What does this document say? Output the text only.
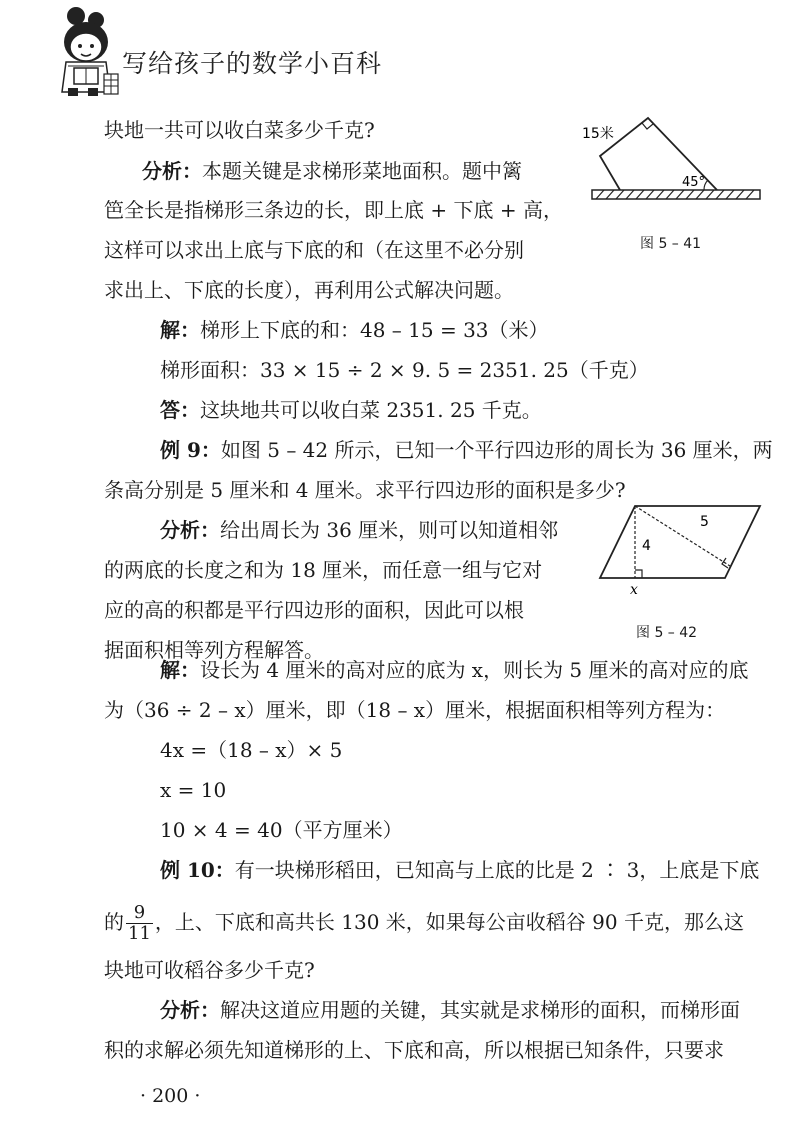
写给孩子的数学小百科
块地一共可以收白菜多少千克?
分析：本题关键是求梯形菜地面积。题中篱
笆全长是指梯形三条边的长，即上底 + 下底 + 高，
这样可以求出上底与下底的和（在这里不必分别
求出上、下底的长度），再利用公式解决问题。
15米
45°
图 5 – 41
解：梯形上下底的和：48 – 15 = 33（米）
梯形面积：33 × 15 ÷ 2 × 9. 5 = 2351. 25（千克）
答：这块地共可以收白菜 2351. 25 千克。
例 9：如图 5 – 42 所示，已知一个平行四边形的周长为 36 厘米，两
条高分别是 5 厘米和 4 厘米。求平行四边形的面积是多少?
分析：给出周长为 36 厘米，则可以知道相邻
的两底的长度之和为 18 厘米，而任意一组与它对
应的高的积都是平行四边形的面积，因此可以根
据面积相等列方程解答。
5
4
x
图 5 – 42
解：设长为 4 厘米的高对应的底为 x，则长为 5 厘米的高对应的底
为（36 ÷ 2 – x）厘米，即（18 – x）厘米，根据面积相等列方程为：
4x =（18 – x）× 5
x = 10
10 × 4 = 40（平方厘米）
例 10：有一块梯形稻田，已知高与上底的比是 2 ∶ 3，上底是下底
的 $\frac{9}{11}$ ，上、下底和高共长 130 米，如果每公亩收稻谷 90 千克，那么这
块地可收稻谷多少千克?
分析：解决这道应用题的关键，其实就是求梯形的面积，而梯形面
积的求解必须先知道梯形的上、下底和高，所以根据已知条件，只要求
· 200 ·
